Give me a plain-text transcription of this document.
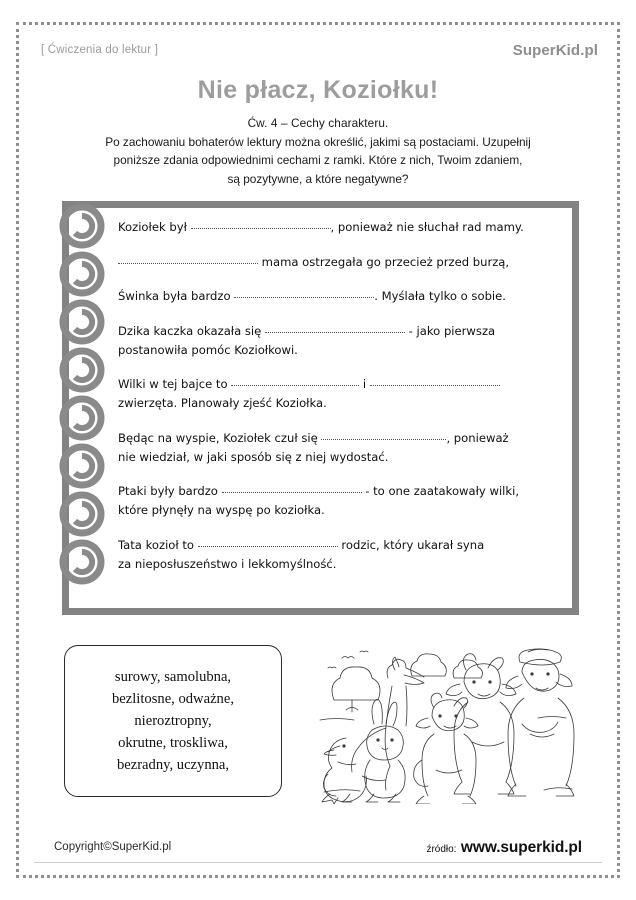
[ Ćwiczenia do lektur ]	SuperKid.pl
Nie płacz, Koziołku!
Ćw. 4 – Cechy charakteru.
Po zachowaniu bohaterów lektury można określić, jakimi są postaciami. Uzupełnij
poniższe zdania odpowiednimi cechami z ramki. Które z nich, Twoim zdaniem,
są pozytywne, a które negatywne?
Koziołek był	, ponieważ nie słuchał rad mamy.
mama ostrzegała go przecież przed burzą,
Świnka była bardzo	. Myślała tylko o sobie.
Dzika kaczka okazała się	- jako pierwsza
postanowiła pomóc Koziołkowi.
Wilki w tej bajce to	i
zwierzęta. Planowały zjeść Koziołka.
Będąc na wyspie, Koziołek czuł się	, ponieważ
nie wiedział, w jaki sposób się z niej wydostać.
Ptaki były bardzo	- to one zaatakowały wilki,
które płynęły na wyspę po koziołka.
Tata kozioł to	rodzic, który ukarał syna
za nieposłuszeństwo i lekkomyślność.
surowy, samolubna,
bezlitosne, odważne,
nieroztropny,
okrutne, troskliwa,
bezradny, uczynna,
Copyright©SuperKid.pl	źródło: www.superkid.pl
